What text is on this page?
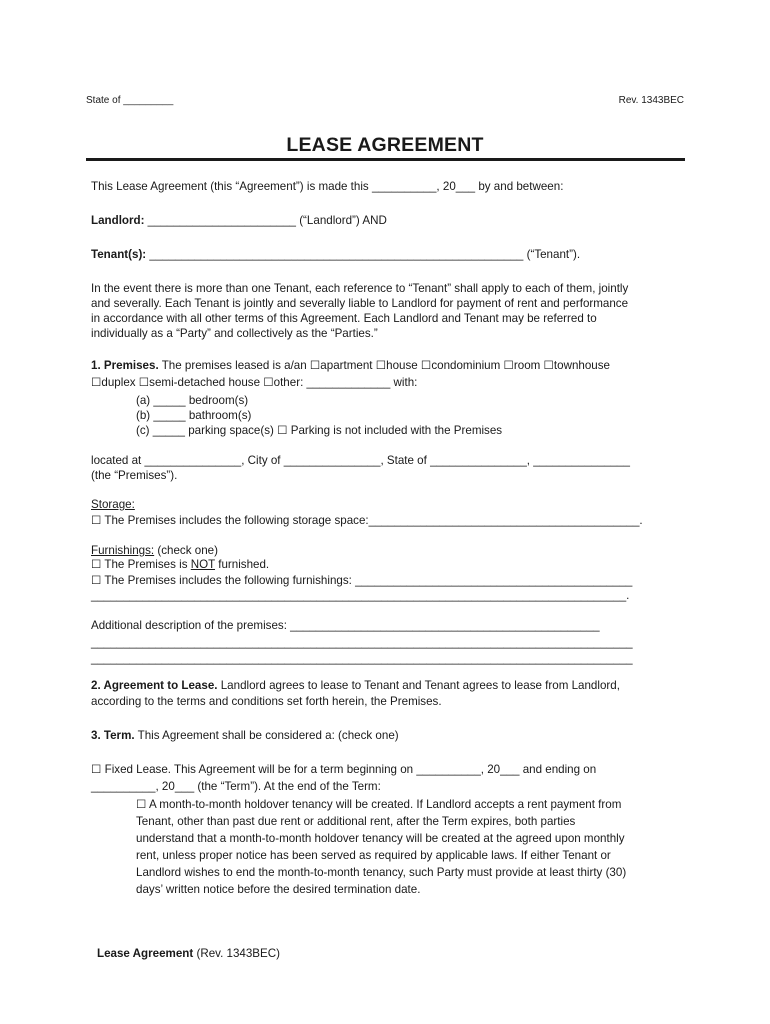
State of _________	Rev. 1343BEC
LEASE AGREEMENT
This Lease Agreement (this “Agreement”) is made this __________, 20___ by and between:
Landlord: _______________________ (“Landlord”) AND
Tenant(s): __________________________________________________________ (“Tenant”).
In the event there is more than one Tenant, each reference to “Tenant” shall apply to each of them, jointly
and severally. Each Tenant is jointly and severally liable to Landlord for payment of rent and performance
in accordance with all other terms of this Agreement. Each Landlord and Tenant may be referred to
individually as a “Party” and collectively as the “Parties.”
1. Premises. The premises leased is a/an ☐apartment ☐house ☐condominium ☐room ☐townhouse
☐duplex ☐semi-detached house ☐other: _____________ with:
(a) _____ bedroom(s)
(b) _____ bathroom(s)
(c) _____ parking space(s) ☐ Parking is not included with the Premises
located at _______________, City of _______________, State of _______________, _______________
(the “Premises”).
Storage:
☐ The Premises includes the following storage space:__________________________________________.
Furnishings: (check one)
☐ The Premises is NOT furnished.
☐ The Premises includes the following furnishings: ___________________________________________
___________________________________________________________________________________.
Additional description of the premises: ________________________________________________
____________________________________________________________________________________
____________________________________________________________________________________
2. Agreement to Lease. Landlord agrees to lease to Tenant and Tenant agrees to lease from Landlord,
according to the terms and conditions set forth herein, the Premises.
3. Term. This Agreement shall be considered a: (check one)
☐ Fixed Lease. This Agreement will be for a term beginning on __________, 20___ and ending on
__________, 20___ (the “Term”). At the end of the Term:
☐ A month-to-month holdover tenancy will be created. If Landlord accepts a rent payment from
Tenant, other than past due rent or additional rent, after the Term expires, both parties
understand that a month-to-month holdover tenancy will be created at the agreed upon monthly
rent, unless proper notice has been served as required by applicable laws. If either Tenant or
Landlord wishes to end the month-to-month tenancy, such Party must provide at least thirty (30)
days’ written notice before the desired termination date.
Lease Agreement (Rev. 1343BEC)
